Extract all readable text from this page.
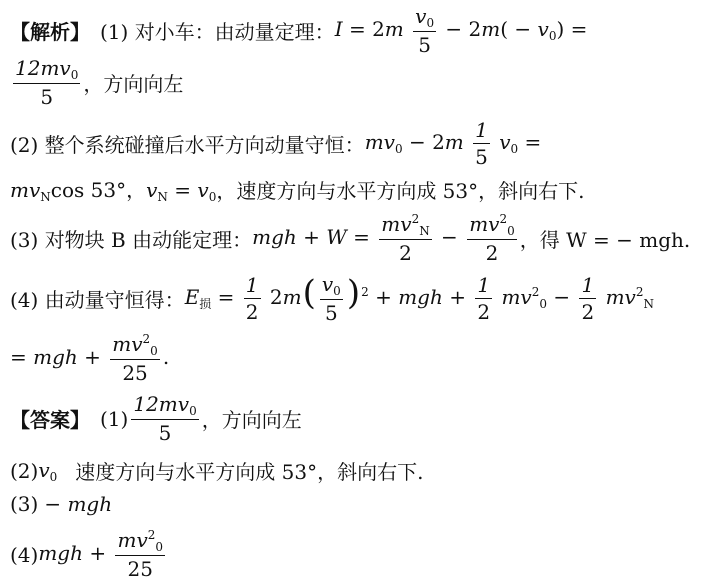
【解析】 (1) 对小车：由动量定理： $I = 2m \frac{v_0}{5} - 2m( - v_0)$ =
$\frac{12mv_0}{5}$ ，方向向左
(2) 整个系统碰撞后水平方向动量守恒： $mv_0 - 2m \frac{1}{5} v_0$ =
$mv_N\cos$ 53°，$v_N = v_0$ ，速度方向与水平方向成 53°，斜向右下.
(3) 对物块 B 由动能定理： mgh + $W = \frac{mv^2_N}{2} - \frac{mv^2_0}{2}$ ，得 W = − mgh.
(4) 由动量守恒得： $E_损 = \frac{1}{2} 2m( \frac{v_0}{5} )^2$ + mgh + $\frac{1}{2} mv^2_0 - \frac{1}{2} mv^2_N$
= mgh + $\frac{mv^2_0}{25}$ .
【答案】 $(1) \frac{12mv_0}{5}$ ，方向向左
(2) $v_0$ 速度方向与水平方向成 53°，斜向右下.
(3) − mgh
(4) mgh + $\frac{mv^2_0}{25}$
